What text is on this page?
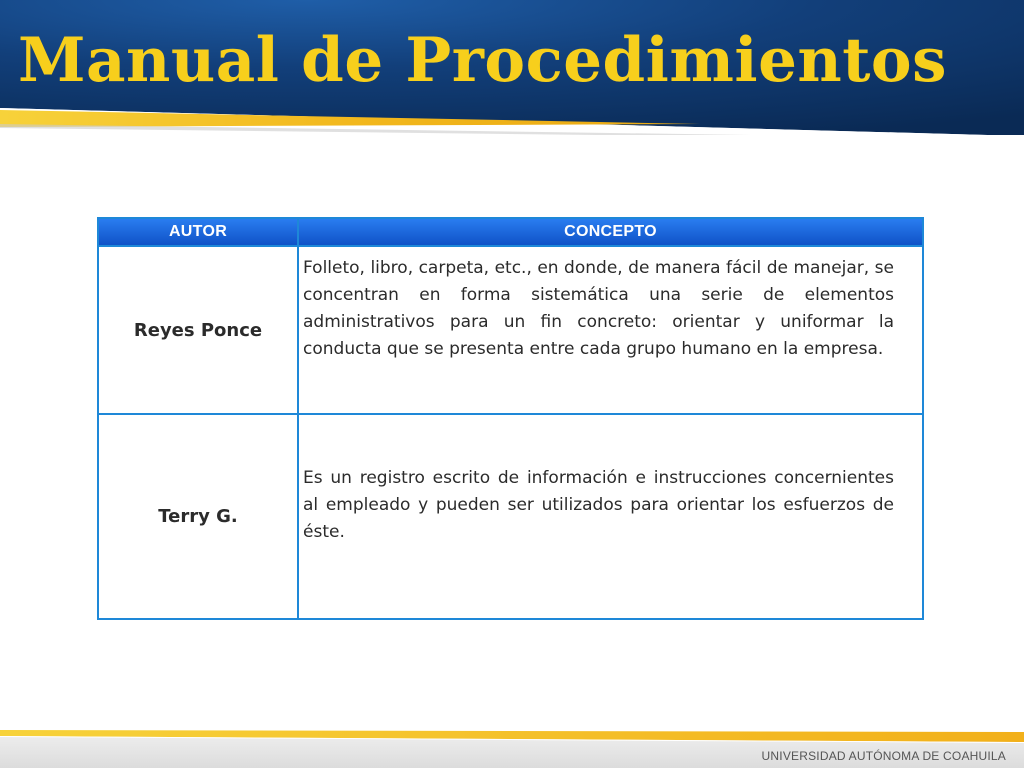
Manual de Procedimientos
AUTOR	CONCEPTO
Reyes Ponce	Folleto, libro, carpeta, etc., en donde, de manera fácil de manejar, se concentran en forma sistemática una serie de elementos administrativos para un fin concreto: orientar y uniformar la conducta que se presenta entre cada grupo humano en la empresa.
Terry G.	Es un registro escrito de información e instrucciones concernientes al empleado y pueden ser utilizados para orientar los esfuerzos de éste.

UNIVERSIDAD AUTÓNOMA DE COAHUILA
